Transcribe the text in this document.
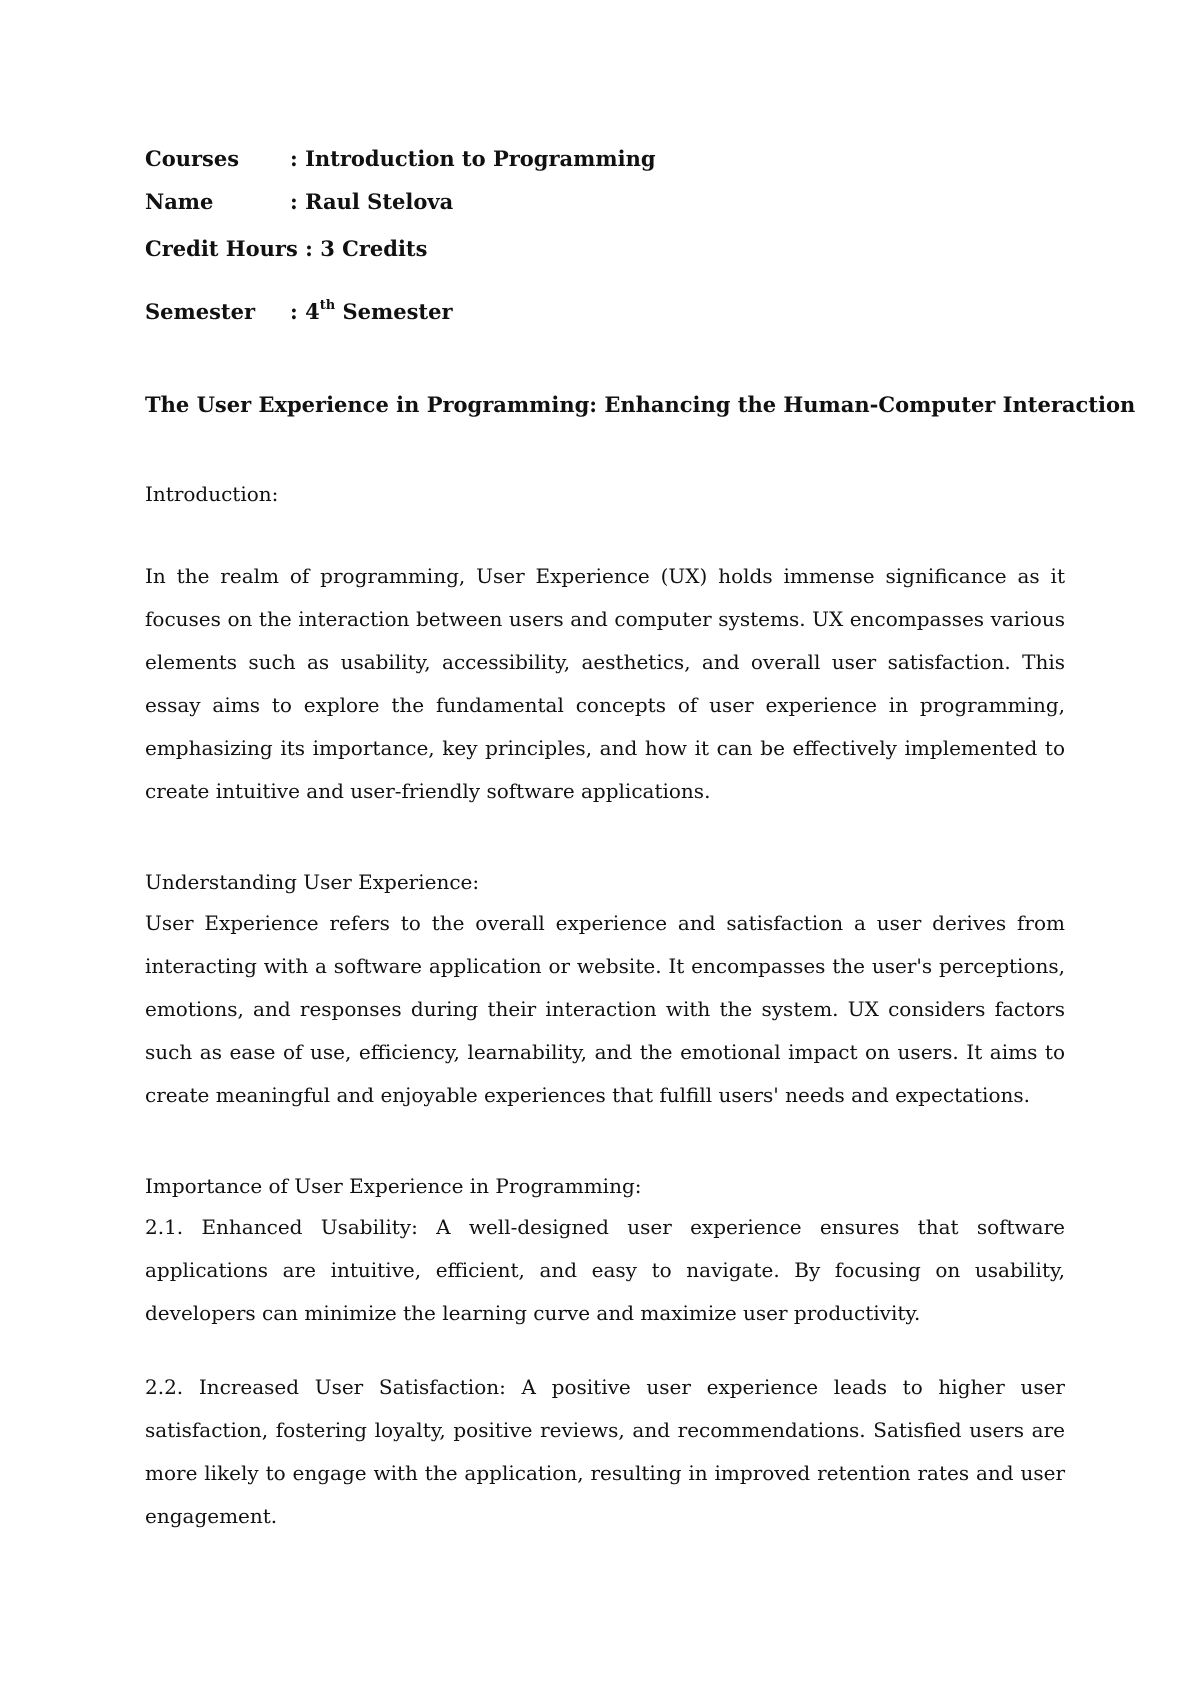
Courses : Introduction to Programming
Name	: Raul Stelova
Credit Hours : 3 Credits
Semester : 4th Semester
The User Experience in Programming: Enhancing the Human-Computer Interaction
Introduction:

In the realm of programming, User Experience (UX) holds immense significance as it focuses on the interaction between users and computer systems. UX encompasses various elements such as usability, accessibility, aesthetics, and overall user satisfaction. This essay aims to explore the fundamental concepts of user experience in programming, emphasizing its importance, key principles, and how it can be effectively implemented to create intuitive and user-friendly software applications.

Understanding User Experience:

User Experience refers to the overall experience and satisfaction a user derives from interacting with a software application or website. It encompasses the user's perceptions, emotions, and responses during their interaction with the system. UX considers factors such as ease of use, efficiency, learnability, and the emotional impact on users. It aims to create meaningful and enjoyable experiences that fulfill users' needs and expectations.

Importance of User Experience in Programming:

2.1. Enhanced Usability: A well-designed user experience ensures that software applications are intuitive, efficient, and easy to navigate. By focusing on usability, developers can minimize the learning curve and maximize user productivity.

2.2. Increased User Satisfaction: A positive user experience leads to higher user satisfaction, fostering loyalty, positive reviews, and recommendations. Satisfied users are more likely to engage with the application, resulting in improved retention rates and user engagement.
